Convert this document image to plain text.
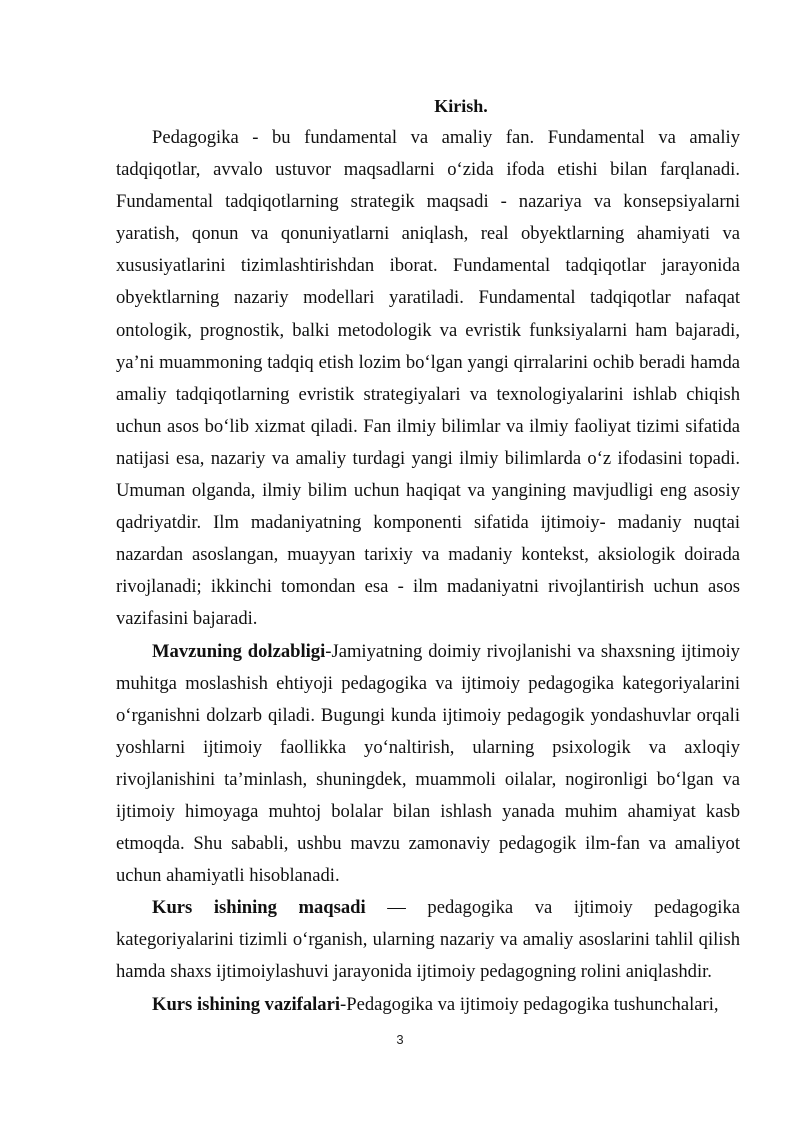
Kirish.

Pedagogika - bu fundamental va amaliy fan. Fundamental va amaliy tadqiqotlar, avvalo ustuvor maqsadlarni o‘zida ifoda etishi bilan farqlanadi. Fundamental tadqiqotlarning strategik maqsadi - nazariya va konsepsiyalarni yaratish, qonun va qonuniyatlarni aniqlash, real obyektlarning ahamiyati va xususiyatlarini tizimlashtirishdan iborat. Fundamental tadqiqotlar jarayonida obyektlarning nazariy modellari yaratiladi. Fundamental tadqiqotlar nafaqat ontologik, prognostik, balki metodologik va evristik funksiyalarni ham bajaradi, ya’ni muammoning tadqiq etish lozim bo‘lgan yangi qirralarini ochib beradi hamda amaliy tadqiqotlarning evristik strategiyalari va texnologiyalarini ishlab chiqish uchun asos bo‘lib xizmat qiladi. Fan ilmiy bilimlar va ilmiy faoliyat tizimi sifatida natijasi esa, nazariy va amaliy turdagi yangi ilmiy bilimlarda o‘z ifodasini topadi. Umuman olganda, ilmiy bilim uchun haqiqat va yangining mavjudligi eng asosiy qadriyatdir. Ilm madaniyatning komponenti sifatida ijtimoiy- madaniy nuqtai nazardan asoslangan, muayyan tarixiy va madaniy kontekst, aksiologik doirada rivojlanadi; ikkinchi tomondan esa - ilm madaniyatni rivojlantirish uchun asos vazifasini bajaradi.

Mavzuning dolzabligi-Jamiyatning doimiy rivojlanishi va shaxsning ijtimoiy muhitga moslashish ehtiyoji pedagogika va ijtimoiy pedagogika kategoriyalarini o‘rganishni dolzarb qiladi. Bugungi kunda ijtimoiy pedagogik yondashuvlar orqali yoshlarni ijtimoiy faollikka yo‘naltirish, ularning psixologik va axloqiy rivojlanishini ta’minlash, shuningdek, muammoli oilalar, nogironligi bo‘lgan va ijtimoiy himoyaga muhtoj bolalar bilan ishlash yanada muhim ahamiyat kasb etmoqda. Shu sababli, ushbu mavzu zamonaviy pedagogik ilm-fan va amaliyot uchun ahamiyatli hisoblanadi.

Kurs ishining maqsadi — pedagogika va ijtimoiy pedagogika kategoriyalarini tizimli o‘rganish, ularning nazariy va amaliy asoslarini tahlil qilish hamda shaxs ijtimoiylashuvi jarayonida ijtimoiy pedagogning rolini aniqlashdir.

Kurs ishining vazifalari-Pedagogika va ijtimoiy pedagogika tushunchalari,

3
